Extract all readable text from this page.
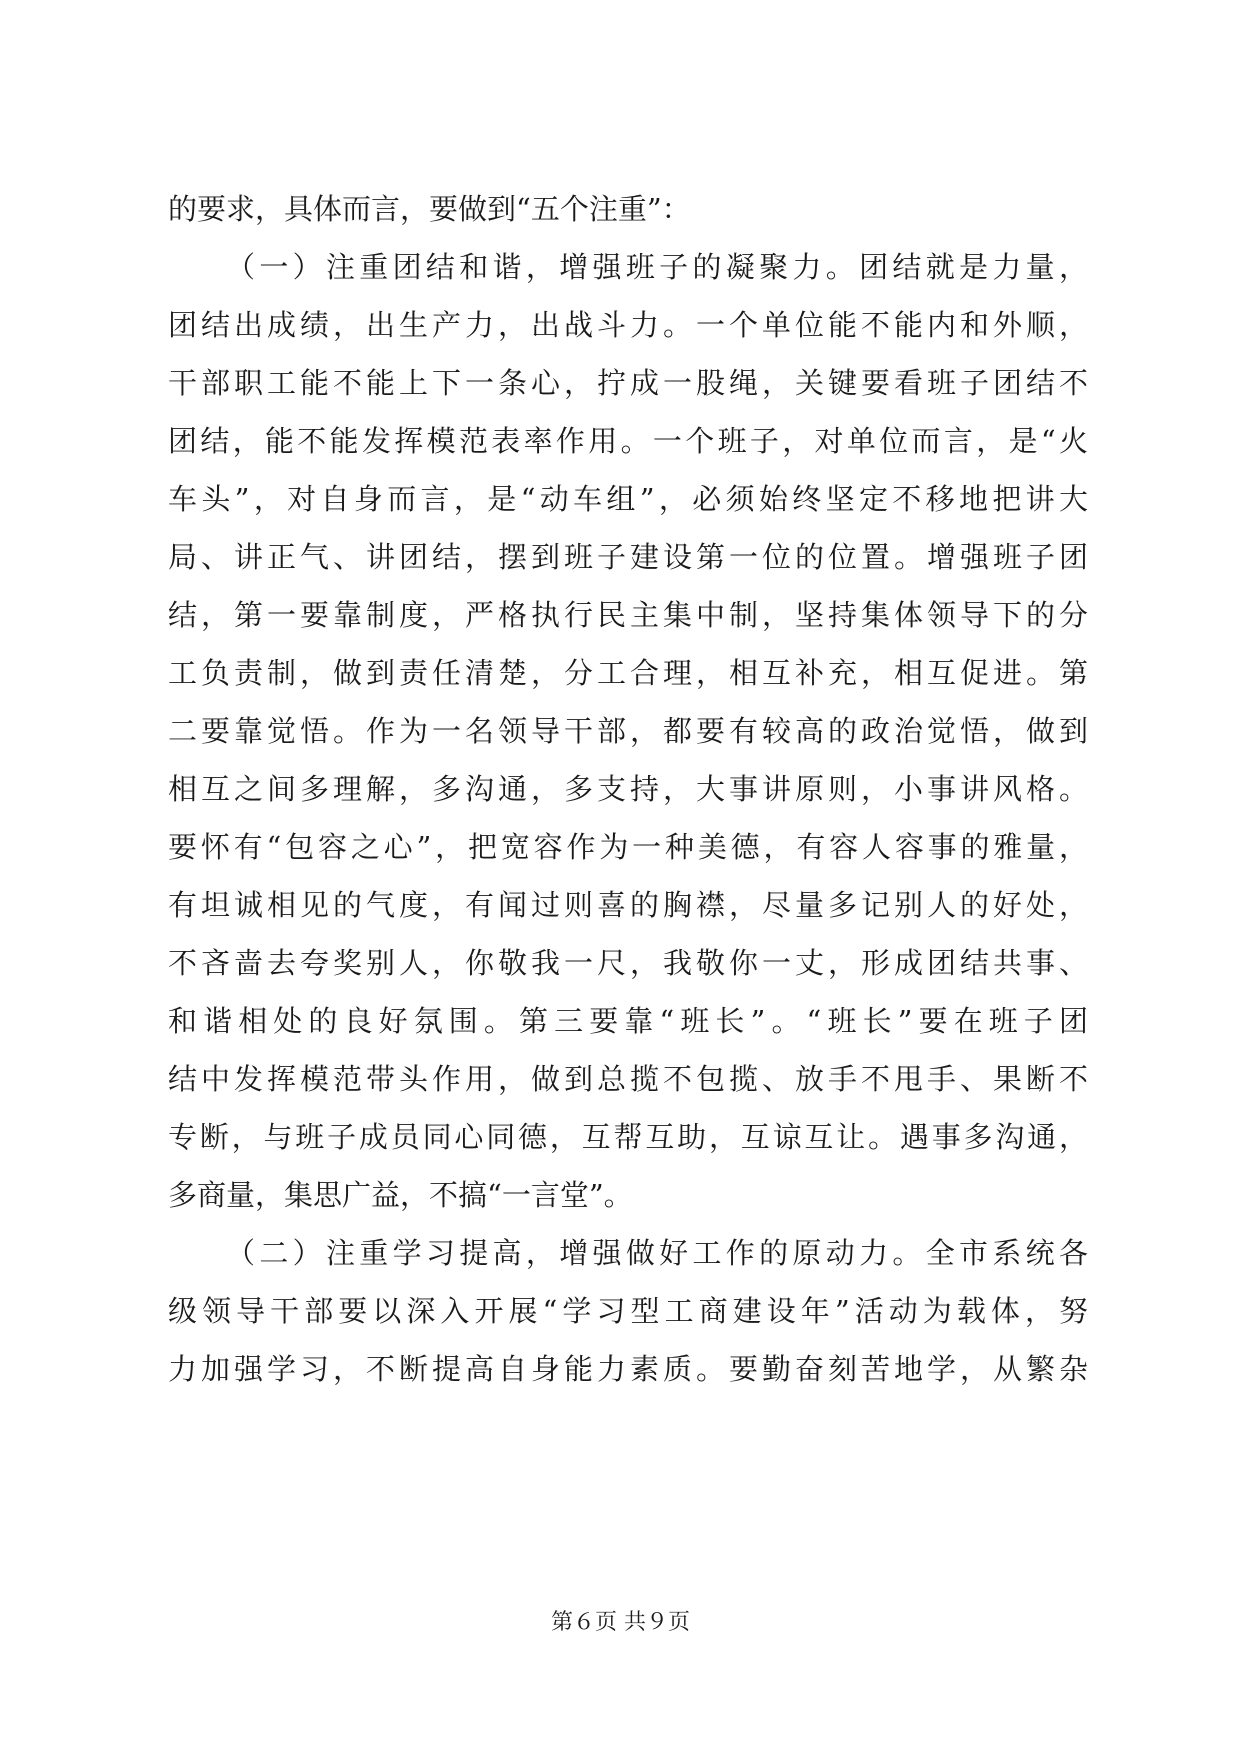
的要求，具体而言，要做到“五个注重”：
（一）注重团结和谐，增强班子的凝聚力。团结就是力量，
团结出成绩，出生产力，出战斗力。一个单位能不能内和外顺，
干部职工能不能上下一条心，拧成一股绳，关键要看班子团结不
团结，能不能发挥模范表率作用。一个班子，对单位而言，是“火
车头”，对自身而言，是“动车组”，必须始终坚定不移地把讲大
局、讲正气、讲团结，摆到班子建设第一位的位置。增强班子团
结，第一要靠制度，严格执行民主集中制，坚持集体领导下的分
工负责制，做到责任清楚，分工合理，相互补充，相互促进。第
二要靠觉悟。作为一名领导干部，都要有较高的政治觉悟，做到
相互之间多理解，多沟通，多支持，大事讲原则，小事讲风格。
要怀有“包容之心”，把宽容作为一种美德，有容人容事的雅量，
有坦诚相见的气度，有闻过则喜的胸襟，尽量多记别人的好处，
不吝啬去夸奖别人，你敬我一尺，我敬你一丈，形成团结共事、
和谐相处的良好氛围。第三要靠“班长”。“班长”要在班子团
结中发挥模范带头作用，做到总揽不包揽、放手不甩手、果断不
专断，与班子成员同心同德，互帮互助，互谅互让。遇事多沟通，
多商量，集思广益，不搞“一言堂”。
（二）注重学习提高，增强做好工作的原动力。全市系统各
级领导干部要以深入开展“学习型工商建设年”活动为载体，努
力加强学习，不断提高自身能力素质。要勤奋刻苦地学，从繁杂
第６页 共９页
